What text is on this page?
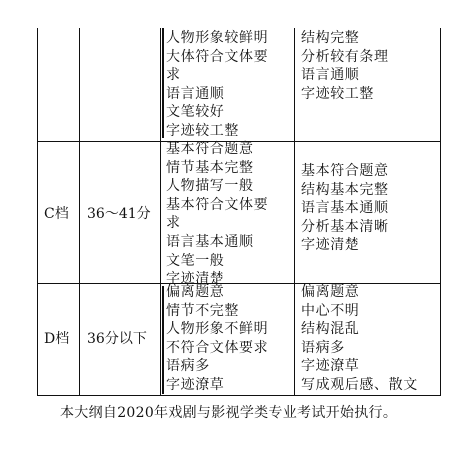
人物形象较鲜明
大体符合文体要
求
语言通顺
文笔较好
字迹较工整
结构完整
分析较有条理
语言通顺
字迹较工整
C档 36～41分
基本符合题意
情节基本完整
人物描写一般
基本符合文体要
求
语言基本通顺
文笔一般
字迹清楚
基本符合题意
结构基本完整
语言基本通顺
分析基本清晰
字迹清楚
D档 36分以下
偏离题意
情节不完整
人物形象不鲜明
不符合文体要求
语病多
字迹潦草
偏离题意
中心不明
结构混乱
语病多
字迹潦草
写成观后感、散文
本大纲自2020年戏剧与影视学类专业考试开始执行。
